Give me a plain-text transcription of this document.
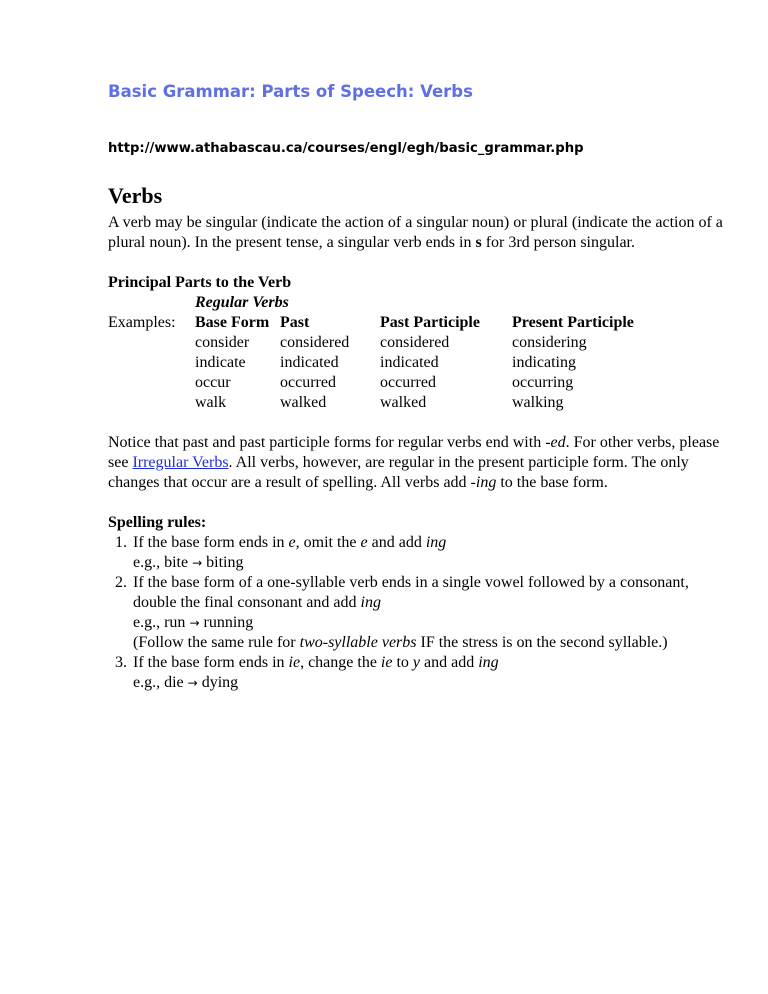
Basic Grammar: Parts of Speech: Verbs

http://www.athabascau.ca/courses/engl/egh/basic_grammar.php

Verbs

A verb may be singular (indicate the action of a singular noun) or plural (indicate the action of a plural noun). In the present tense, a singular verb ends in s for 3rd person singular.

Principal Parts to the Verb

Regular Verbs

Examples:	Base Form	Past	Past Participle	Present Participle
	consider	considered	considered	considering
	indicate	indicated	indicated	indicating
	occur	occurred	occurred	occurring
	walk	walked	walked	walking

Notice that past and past participle forms for regular verbs end with -ed. For other verbs, please see Irregular Verbs. All verbs, however, are regular in the present participle form. The only changes that occur are a result of spelling. All verbs add -ing to the base form.

Spelling rules:

1. If the base form ends in e, omit the e and add ing
e.g., bite → biting
2. If the base form of a one-syllable verb ends in a single vowel followed by a consonant, double the final consonant and add ing
e.g., run → running
(Follow the same rule for two-syllable verbs IF the stress is on the second syllable.)
3. If the base form ends in ie, change the ie to y and add ing
e.g., die → dying
